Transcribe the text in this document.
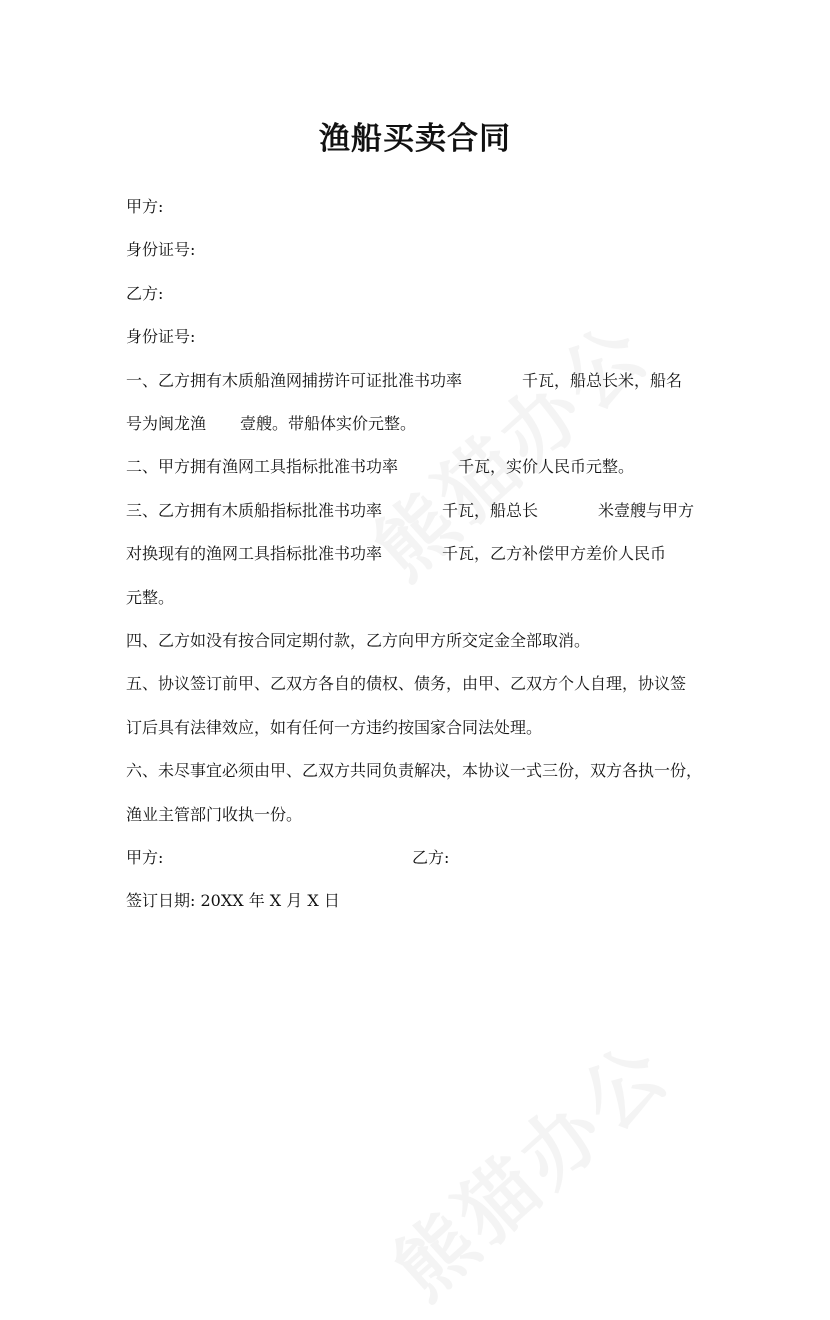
渔船买卖合同
甲方:
身份证号:
乙方:
身份证号:
一、乙方拥有木质船渔网捕捞许可证批准书功率	千瓦，船总长米，船名
号为闽龙渔 壹艘。带船体实价元整。
二、甲方拥有渔网工具指标批准书功率	千瓦，实价人民币元整。
三、乙方拥有木质船指标批准书功率	千瓦，船总长	米壹艘与甲方
对换现有的渔网工具指标批准书功率	千瓦，乙方补偿甲方差价人民币
元整。
四、乙方如没有按合同定期付款，乙方向甲方所交定金全部取消。
五、协议签订前甲、乙双方各自的债权、债务，由甲、乙双方个人自理，协议签
订后具有法律效应，如有任何一方违约按国家合同法处理。
六、未尽事宜必须由甲、乙双方共同负责解决，本协议一式三份，双方各执一份，
渔业主管部门收执一份。
甲方:	乙方:
签订日期: 20XX 年 X 月 X 日
